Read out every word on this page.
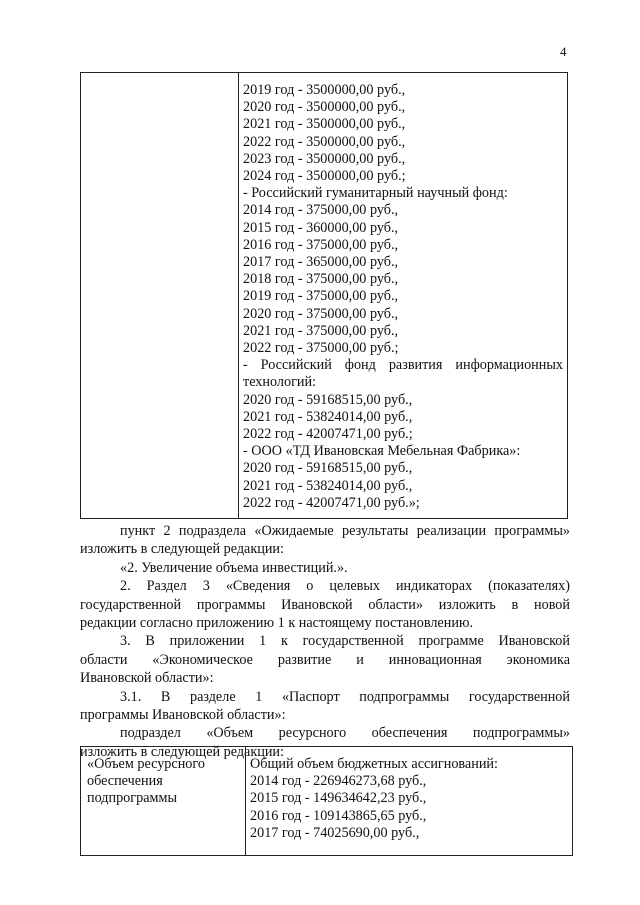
4
2019 год - 3500000,00 руб.,
2020 год - 3500000,00 руб.,
2021 год - 3500000,00 руб.,
2022 год - 3500000,00 руб.,
2023 год - 3500000,00 руб.,
2024 год - 3500000,00 руб.;
- Российский гуманитарный научный фонд:
2014 год - 375000,00 руб.,
2015 год - 360000,00 руб.,
2016 год - 375000,00 руб.,
2017 год - 365000,00 руб.,
2018 год - 375000,00 руб.,
2019 год - 375000,00 руб.,
2020 год - 375000,00 руб.,
2021 год - 375000,00 руб.,
2022 год - 375000,00 руб.;
- Российский фонд развития информационных
технологий:
2020 год - 59168515,00 руб.,
2021 год - 53824014,00 руб.,
2022 год - 42007471,00 руб.;
- ООО «ТД Ивановская Мебельная Фабрика»:
2020 год - 59168515,00 руб.,
2021 год - 53824014,00 руб.,
2022 год - 42007471,00 руб.»;

пункт 2 подраздела «Ожидаемые результаты реализации программы»

изложить в следующей редакции:

«2. Увеличение объема инвестиций.».

2. Раздел 3 «Сведения о целевых индикаторах (показателях)

государственной программы Ивановской области» изложить в новой

редакции согласно приложению 1 к настоящему постановлению.

3. В приложении 1 к государственной программе Ивановской

области «Экономическое развитие и инновационная экономика

Ивановской области»:

3.1. В разделе 1 «Паспорт подпрограммы государственной

программы Ивановской области»:

подраздел «Объем ресурсного обеспечения подпрограммы»

изложить в следующей редакции:

«Объем ресурсного
обеспечения
подпрограммы
Общий объем бюджетных ассигнований:
2014 год - 226946273,68 руб.,
2015 год - 149634642,23 руб.,
2016 год - 109143865,65 руб.,
2017 год - 74025690,00 руб.,
